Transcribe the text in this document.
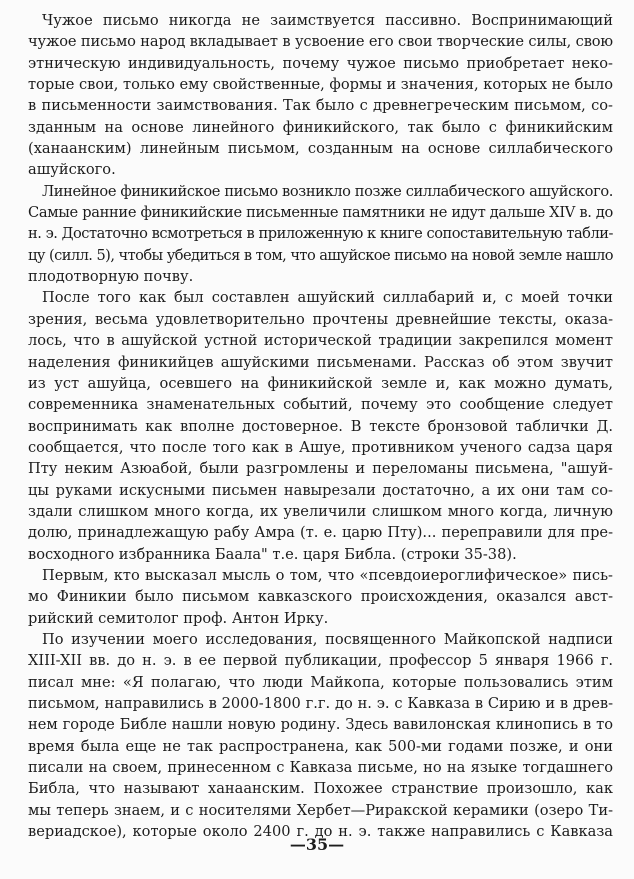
Чужое письмо никогда не заимствуется пассивно. Воспринимающий
чужое письмо народ вкладывает в усвоение его свои творческие силы, свою
этническую индивидуальность, почему чужое письмо приобретает неко-
торые свои, только ему свойственные, формы и значения, которых не было
в письменности заимствования. Так было с древнегреческим письмом, со-
зданным на основе линейного финикийского, так было с финикийским
(ханаанским) линейным письмом, созданным на основе силлабического
ашуйского.
Линейное финикийское письмо возникло позже силлабического ашуйского.
Самые ранние финикийские письменные памятники не идут дальше XIV в. до
н. э. Достаточно всмотреться в приложенную к книге сопоставительную табли-
цу (силл. 5), чтобы убедиться в том, что ашуйское письмо на новой земле нашло
плодотворную почву.
После того как был составлен ашуйский силлабарий и, с моей точки
зрения, весьма удовлетворительно прочтены древнейшие тексты, оказа-
лось, что в ашуйской устной исторической традиции закрепился момент
наделения финикийцев ашуйскими письменами. Рассказ об этом звучит
из уст ашуйца, осевшего на финикийской земле и, как можно думать,
современника знаменательных событий, почему это сообщение следует
воспринимать как вполне достоверное. В тексте бронзовой таблички Д.
сообщается, что после того как в Ашуе, противником ученого садза царя
Пту неким Азюабой, были разгромлены и переломаны письмена, "ашуй-
цы руками искусными письмен навырезали достаточно, а их они там со-
здали слишком много когда, их увеличили слишком много когда, личную
долю, принадлежащую рабу Амра (т. е. царю Пту)... переправили для пре-
восходного избранника Баала" т.е. царя Библа. (строки 35-38).
Первым, кто высказал мысль о том, что «псевдоиероглифическое» пись-
мо Финикии было письмом кавказского происхождения, оказался авст-
рийский семитолог проф. Антон Ирку.
По изучении моего исследования, посвященного Майкопской надписи
XIII-XII вв. до н. э. в ее первой публикации, профессор 5 января 1966 г.
писал мне: «Я полагаю, что люди Майкопа, которые пользовались этим
письмом, направились в 2000-1800 г.г. до н. э. с Кавказа в Сирию и в древ-
нем городе Библе нашли новую родину. Здесь вавилонская клинопись в то
время была еще не так распространена, как 500-ми годами позже, и они
писали на своем, принесенном с Кавказа письме, но на языке тогдашнего
Библа, что называют ханаанским. Похожее странствие произошло, как
мы теперь знаем, и с носителями Хербет—Риракской керамики (озеро Ти-
вериадское), которые около 2400 г. до н. э. также направились с Кавказа
—35—
